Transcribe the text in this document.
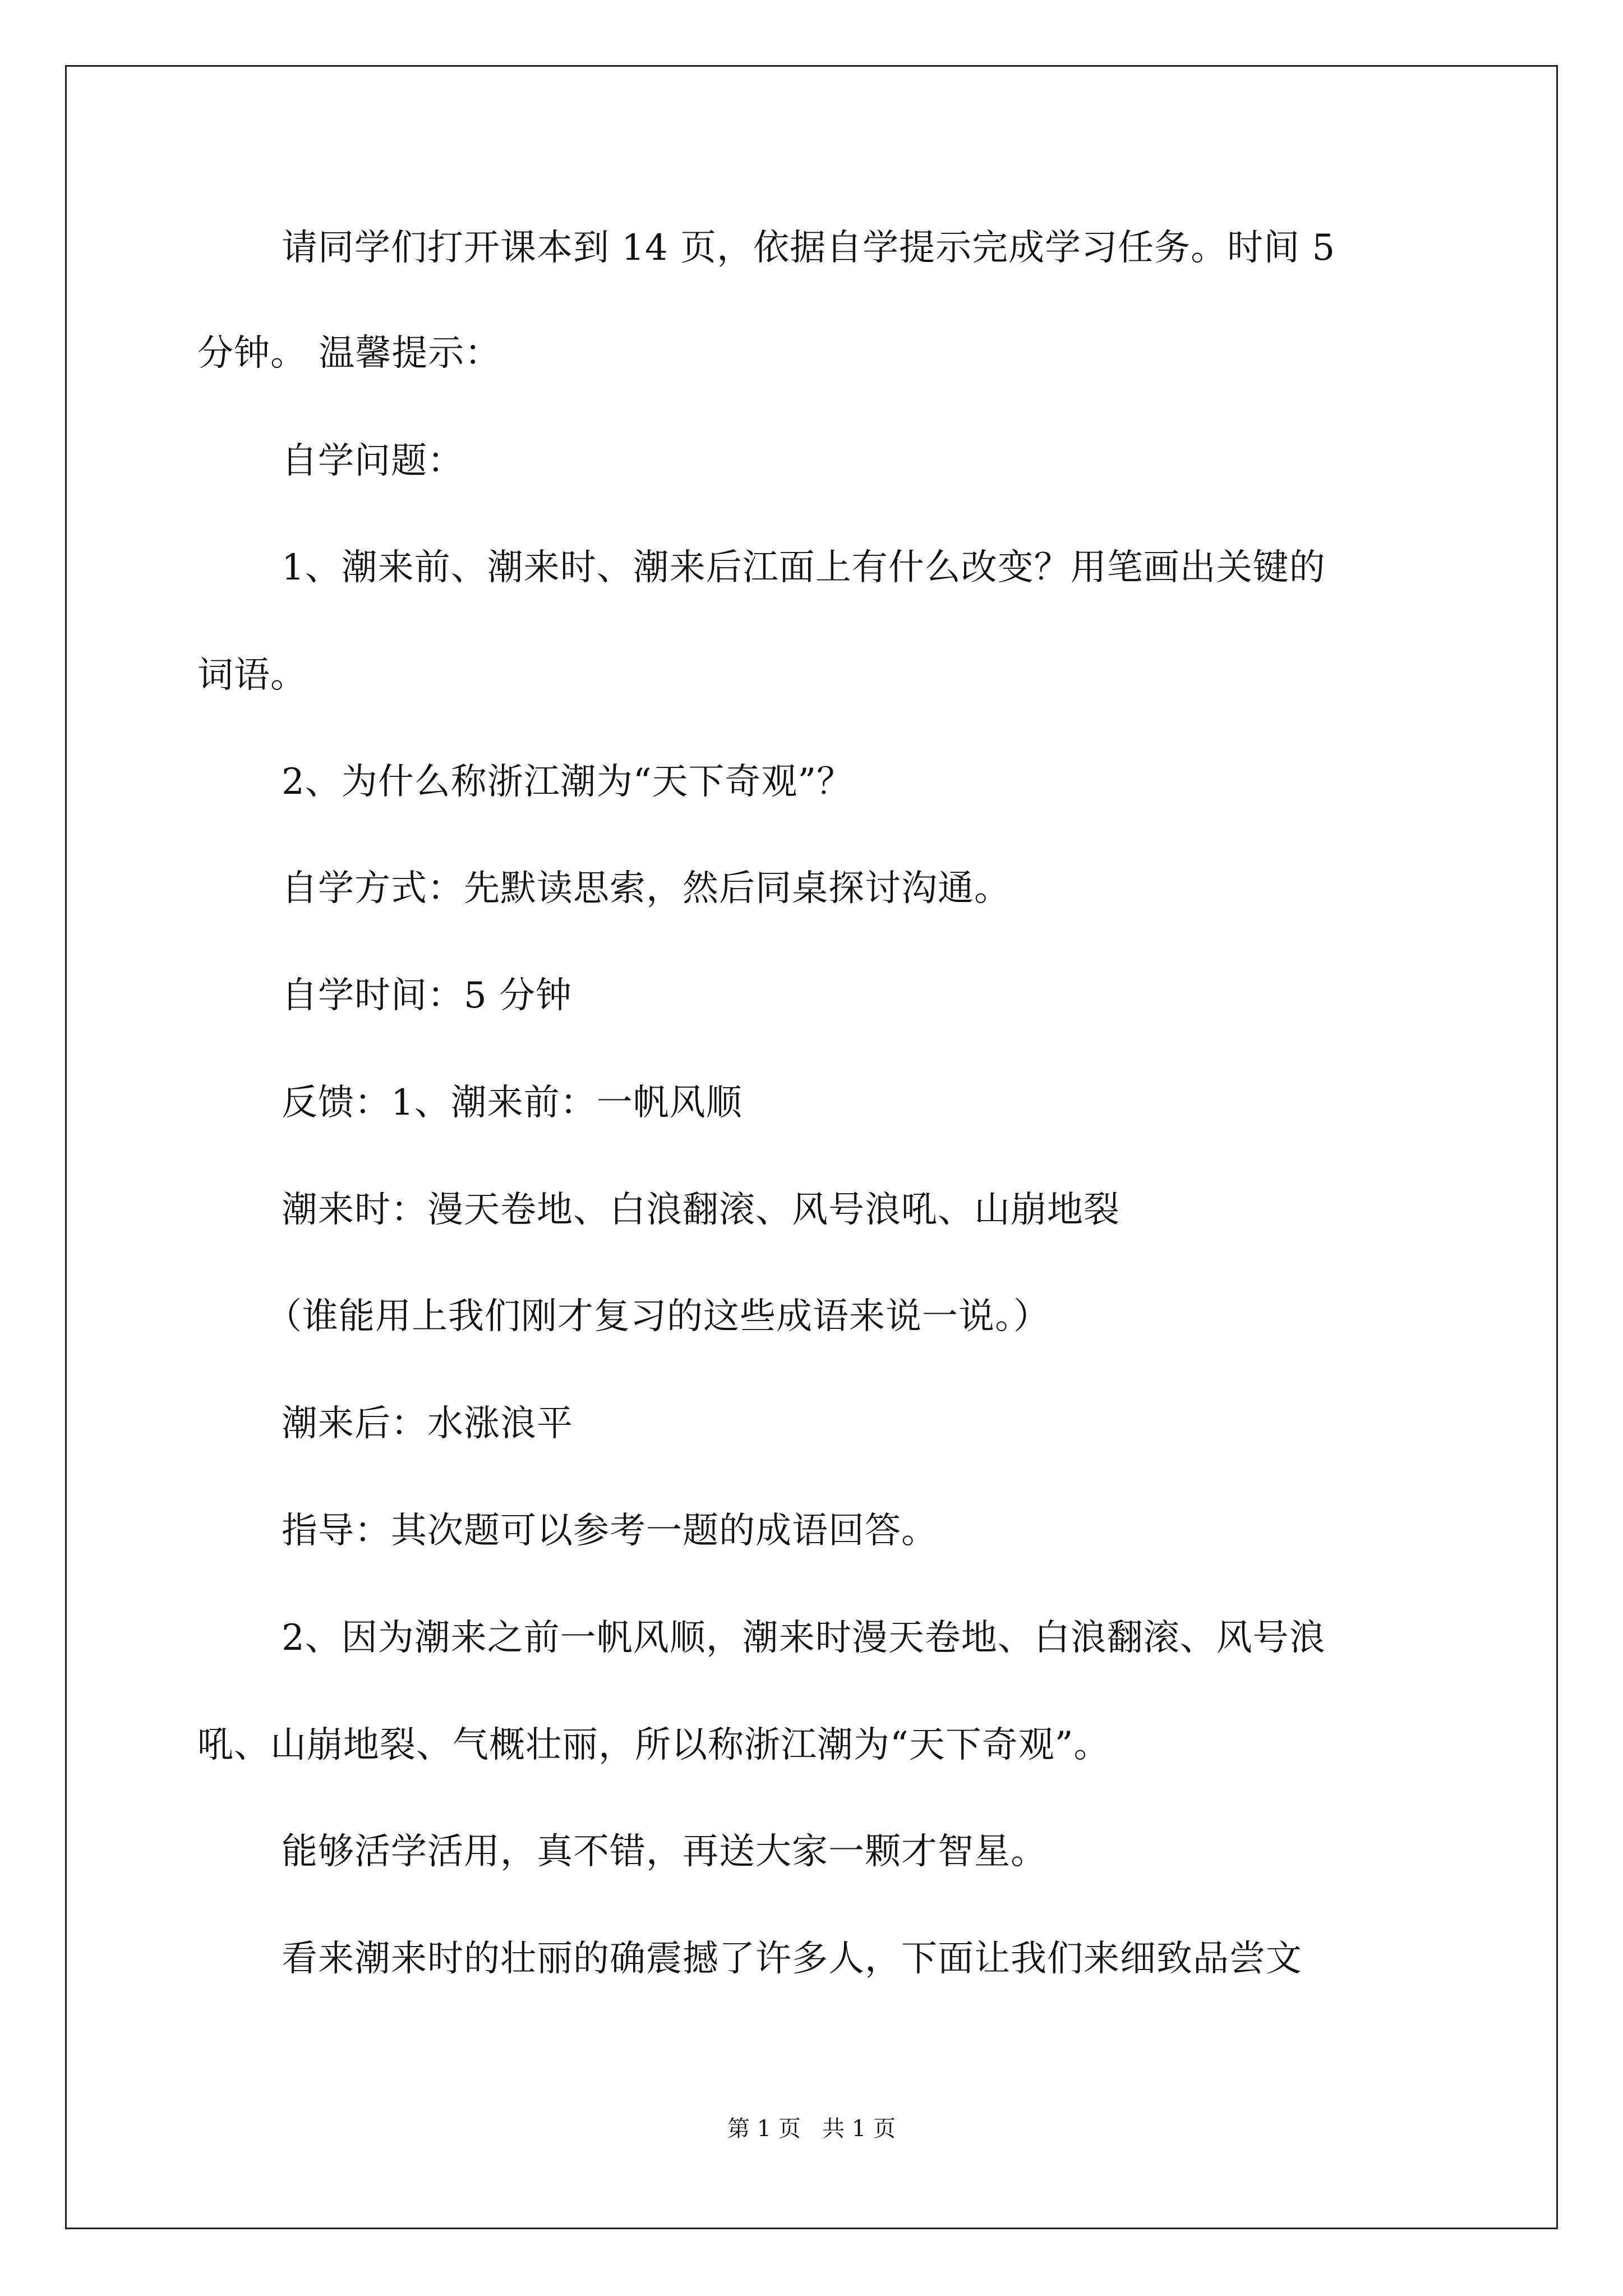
请同学们打开课本到 14 页，依据自学提示完成学习任务。时间 5
分钟。 温馨提示：
自学问题：
1、潮来前、潮来时、潮来后江面上有什么改变？用笔画出关键的
词语。
2、为什么称浙江潮为“天下奇观”？
自学方式：先默读思索，然后同桌探讨沟通。
自学时间：5 分钟
反馈：1、潮来前：一帆风顺
潮来时：漫天卷地、白浪翻滚、风号浪吼、山崩地裂
（谁能用上我们刚才复习的这些成语来说一说。）
潮来后：水涨浪平
指导：其次题可以参考一题的成语回答。
2、因为潮来之前一帆风顺，潮来时漫天卷地、白浪翻滚、风号浪
吼、山崩地裂、气概壮丽，所以称浙江潮为“天下奇观”。
能够活学活用，真不错，再送大家一颗才智星。
看来潮来时的壮丽的确震撼了许多人，下面让我们来细致品尝文
第 1 页   共 1 页
